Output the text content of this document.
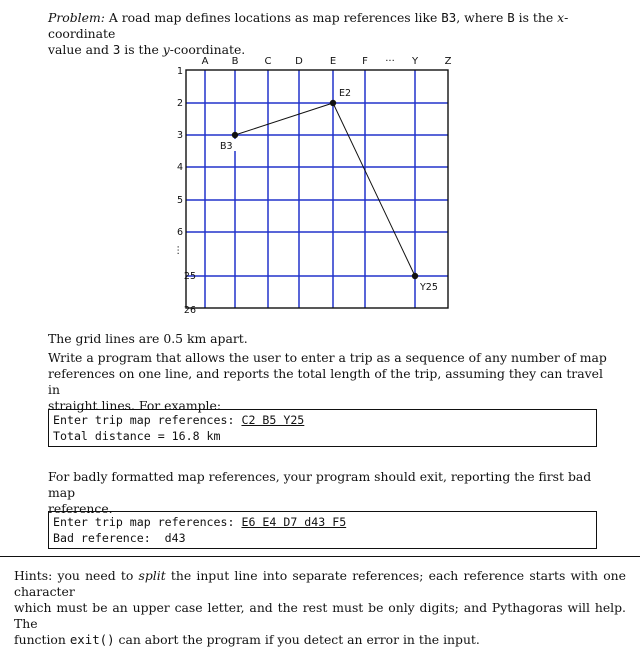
Problem: A road map defines locations as map references like B3, where B is the x-coordinate
value and 3 is the y-coordinate.
A B	C D	E	F ··· Y	Z
1
2
3
4
5
6
⋮
25
26
B3
E2
Y25
The grid lines are 0.5 km apart.
Write a program that allows the user to enter a trip as a sequence of any number of map
references on one line, and reports the total length of the trip, assuming they can travel in
straight lines. For example:
Enter trip map references: C2 B5 Y25
Total distance = 16.8 km
For badly formatted map references, your program should exit, reporting the first bad map
reference.
Enter trip map references: E6 E4 D7 d43 F5
Bad reference:  d43
Hints: you need to split the input line into separate references; each reference starts with one character
which must be an upper case letter, and the rest must be only digits; and Pythagoras will help. The
function exit() can abort the program if you detect an error in the input.
